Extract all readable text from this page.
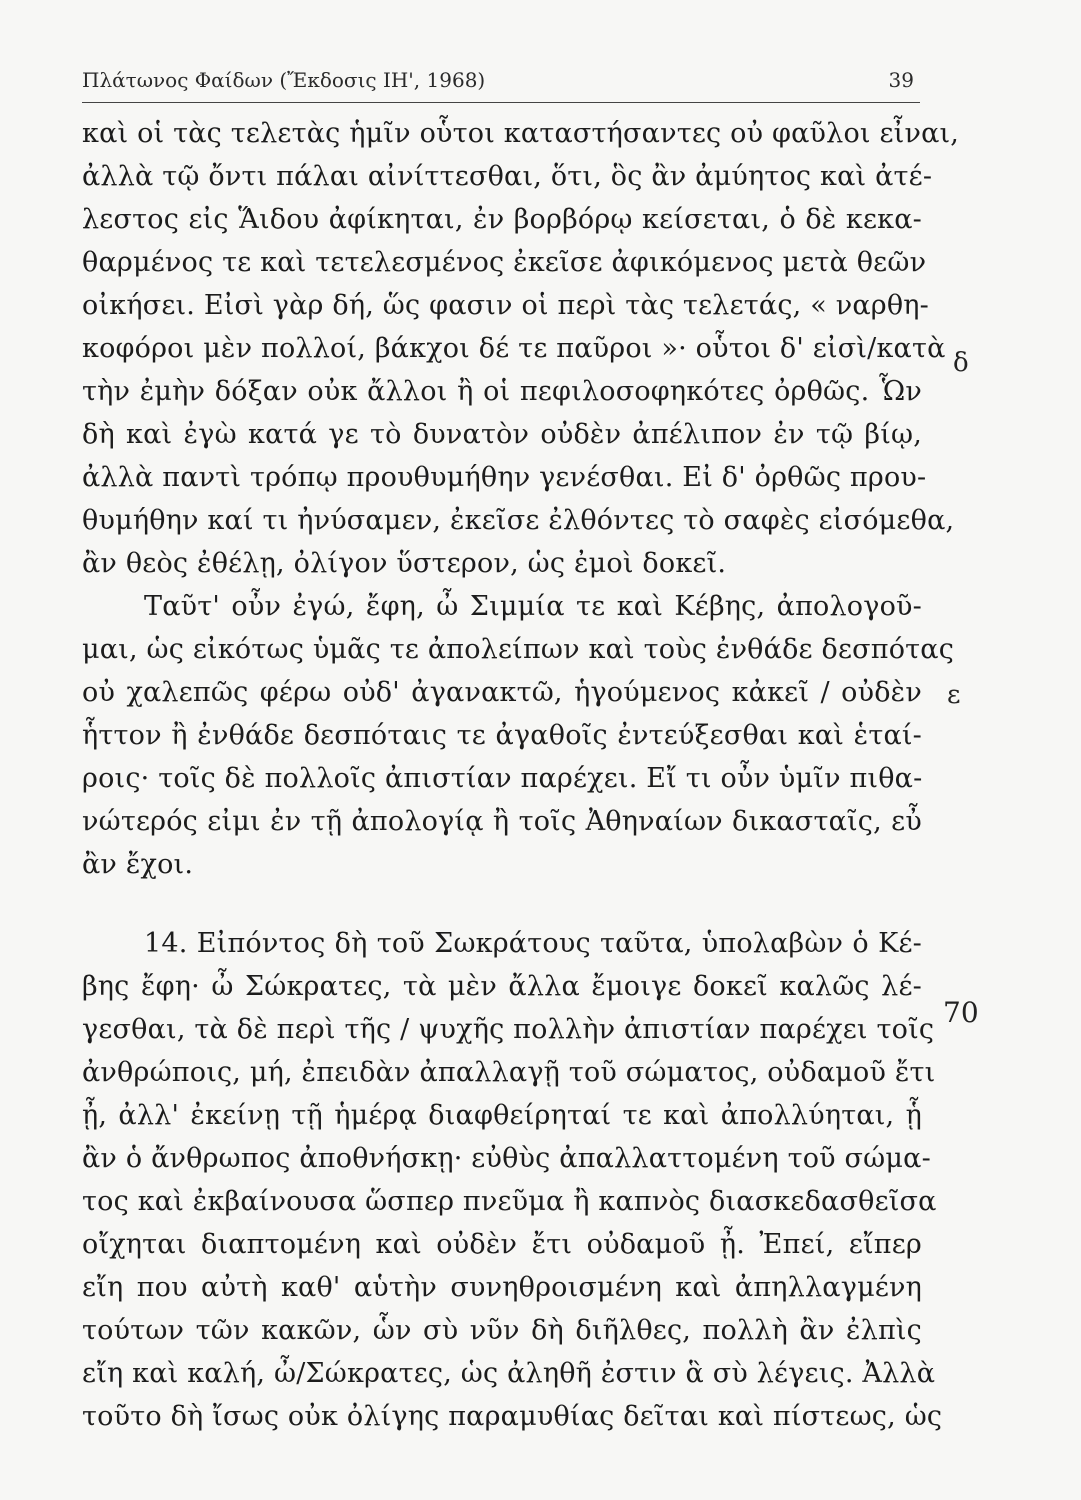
Πλάτωνος Φαίδων (Ἔκδοσις ΙΗ', 1968)	39
καὶ οἱ τὰς τελετὰς ἡμῖν οὗτοι καταστήσαντες οὐ φαῦλοι εἶναι,
ἀλλὰ τῷ ὄντι πάλαι αἰνίττεσθαι, ὅτι, ὃς ἂν ἀμύητος καὶ ἀτέ-
λεστος εἰς Ἅιδου ἀφίκηται, ἐν βορβόρῳ κείσεται, ὁ δὲ κεκα-
θαρμένος τε καὶ τετελεσμένος ἐκεῖσε ἀφικόμενος μετὰ θεῶν
οἰκήσει. Εἰσὶ γὰρ δή, ὥς φασιν οἱ περὶ τὰς τελετάς, « ναρθη-
κοφόροι μὲν πολλοί, βάκχοι δέ τε παῦροι »· οὗτοι δ' εἰσὶ/κατὰ
τὴν ἐμὴν δόξαν οὐκ ἄλλοι ἢ οἱ πεφιλοσοφηκότες ὀρθῶς. Ὧν
δὴ καὶ ἐγὼ κατά γε τὸ δυνατὸν οὐδὲν ἀπέλιπον ἐν τῷ βίῳ,
ἀλλὰ παντὶ τρόπῳ προυθυμήθην γενέσθαι. Εἰ δ' ὀρθῶς πρου-
θυμήθην καί τι ἠνύσαμεν, ἐκεῖσε ἐλθόντες τὸ σαφὲς εἰσόμεθα,
ἂν θεὸς ἐθέλῃ, ὀλίγον ὕστερον, ὡς ἐμοὶ δοκεῖ.
Ταῦτ' οὖν ἐγώ, ἔφη, ὦ Σιμμία τε καὶ Κέβης, ἀπολογοῦ-
μαι, ὡς εἰκότως ὑμᾶς τε ἀπολείπων καὶ τοὺς ἐνθάδε δεσπότας
οὐ χαλεπῶς φέρω οὐδ' ἀγανακτῶ, ἡγούμενος κἀκεῖ / οὐδὲν
ἧττον ἢ ἐνθάδε δεσπόταις τε ἀγαθοῖς ἐντεύξεσθαι καὶ ἑταί-
ροις· τοῖς δὲ πολλοῖς ἀπιστίαν παρέχει. Εἴ τι οὖν ὑμῖν πιθα-
νώτερός εἰμι ἐν τῇ ἀπολογίᾳ ἢ τοῖς Ἀθηναίων δικασταῖς, εὖ
ἂν ἔχοι.
14. Εἰπόντος δὴ τοῦ Σωκράτους ταῦτα, ὑπολαβὼν ὁ Κέ-
βης ἔφη· ὦ Σώκρατες, τὰ μὲν ἄλλα ἔμοιγε δοκεῖ καλῶς λέ-
γεσθαι, τὰ δὲ περὶ τῆς / ψυχῆς πολλὴν ἀπιστίαν παρέχει τοῖς
ἀνθρώποις, μή, ἐπειδὰν ἀπαλλαγῇ τοῦ σώματος, οὐδαμοῦ ἔτι
ᾖ, ἀλλ' ἐκείνῃ τῇ ἡμέρᾳ διαφθείρηταί τε καὶ ἀπολλύηται, ᾗ
ἂν ὁ ἄνθρωπος ἀποθνήσκῃ· εὐθὺς ἀπαλλαττομένη τοῦ σώμα-
τος καὶ ἐκβαίνουσα ὥσπερ πνεῦμα ἢ καπνὸς διασκεδασθεῖσα
οἴχηται διαπτομένη καὶ οὐδὲν ἔτι οὐδαμοῦ ᾖ. Ἐπεί, εἴπερ
εἴη που αὐτὴ καθ' αὑτὴν συνηθροισμένη καὶ ἀπηλλαγμένη
τούτων τῶν κακῶν, ὧν σὺ νῦν δὴ διῆλθες, πολλὴ ἂν ἐλπὶς
εἴη καὶ καλή, ὦ/Σώκρατες, ὡς ἀληθῆ ἐστιν ἃ σὺ λέγεις. Ἀλλὰ
τοῦτο δὴ ἴσως οὐκ ὀλίγης παραμυθίας δεῖται καὶ πίστεως, ὡς
δ
ε
70
